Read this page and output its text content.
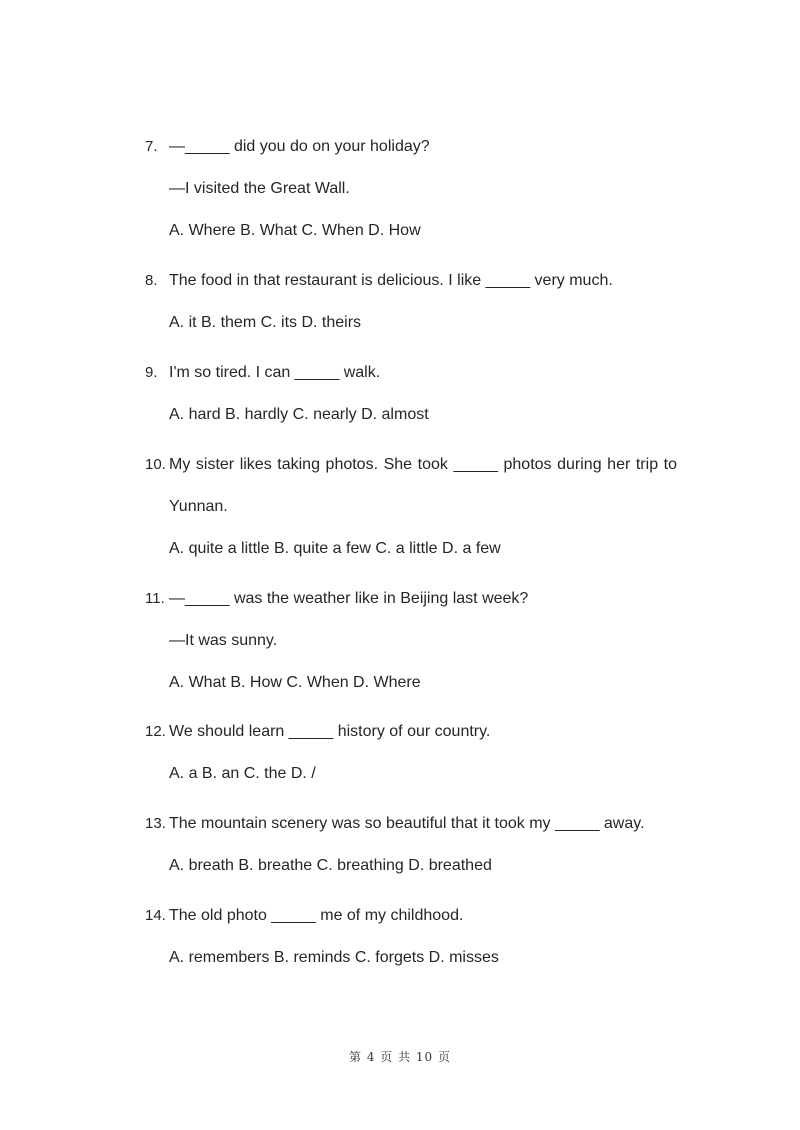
7. —_____ did you do on your holiday?
—I visited the Great Wall.
A. Where B. What C. When D. How
8. The food in that restaurant is delicious. I like _____ very much.
A. it B. them C. its D. theirs
9. I'm so tired. I can _____ walk.
A. hard B. hardly C. nearly D. almost
10. My sister likes taking photos. She took _____ photos during her trip to
Yunnan.
A. quite a little B. quite a few C. a little D. a few
11. —_____ was the weather like in Beijing last week?
—It was sunny.
A. What B. How C. When D. Where
12. We should learn _____ history of our country.
A. a B. an C. the D. /
13. The mountain scenery was so beautiful that it took my _____ away.
A. breath B. breathe C. breathing D. breathed
14. The old photo _____ me of my childhood.
A. remembers B. reminds C. forgets D. misses
第 4 页 共 10 页
